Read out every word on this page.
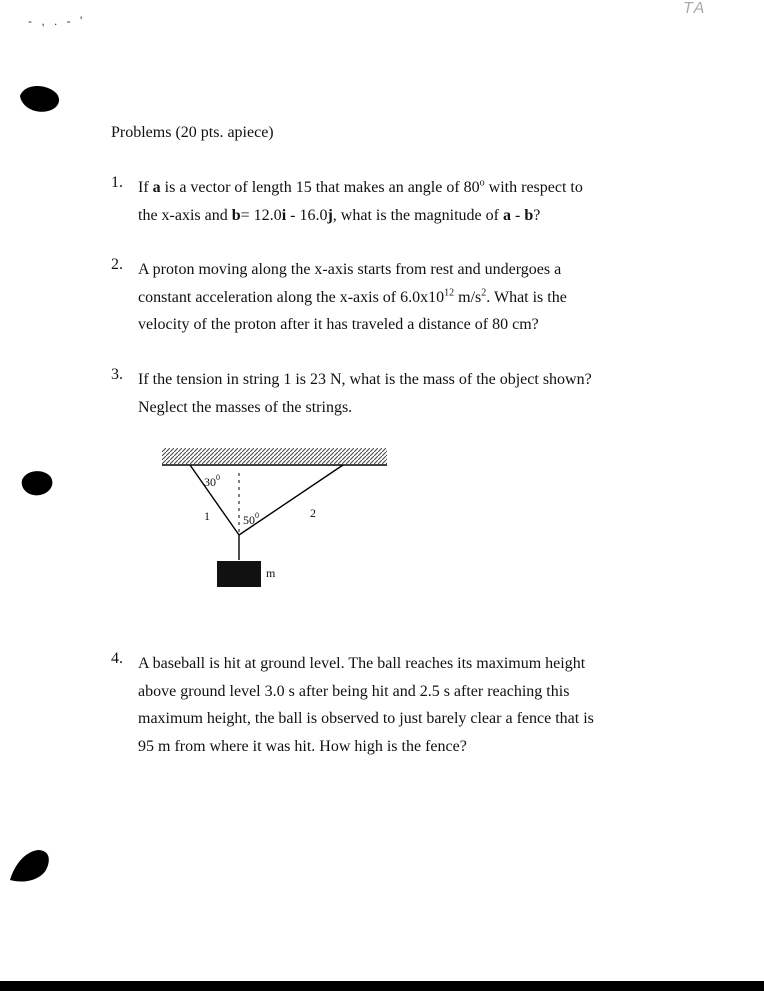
TA
- , . - '
Problems (20 pts. apiece)
1. If a is a vector of length 15 that makes an angle of 80$^o$ with respect to

the x-axis and b= 12.0i - 16.0j, what is the magnitude of a - b?

2. A proton moving along the x-axis starts from rest and undergoes a

constant acceleration along the x-axis of $6.0x10^{12}$ $m/s^2$. What is the

velocity of the proton after it has traveled a distance of 80 cm?

3. If the tension in string 1 is 23 N, what is the mass of the object shown?

Neglect the masses of the strings.

$30^0$
$50^0$
1	2
m
4. A baseball is hit at ground level. The ball reaches its maximum height

above ground level 3.0 s after being hit and 2.5 s after reaching this

maximum height, the ball is observed to just barely clear a fence that is

95 m from where it was hit. How high is the fence?
